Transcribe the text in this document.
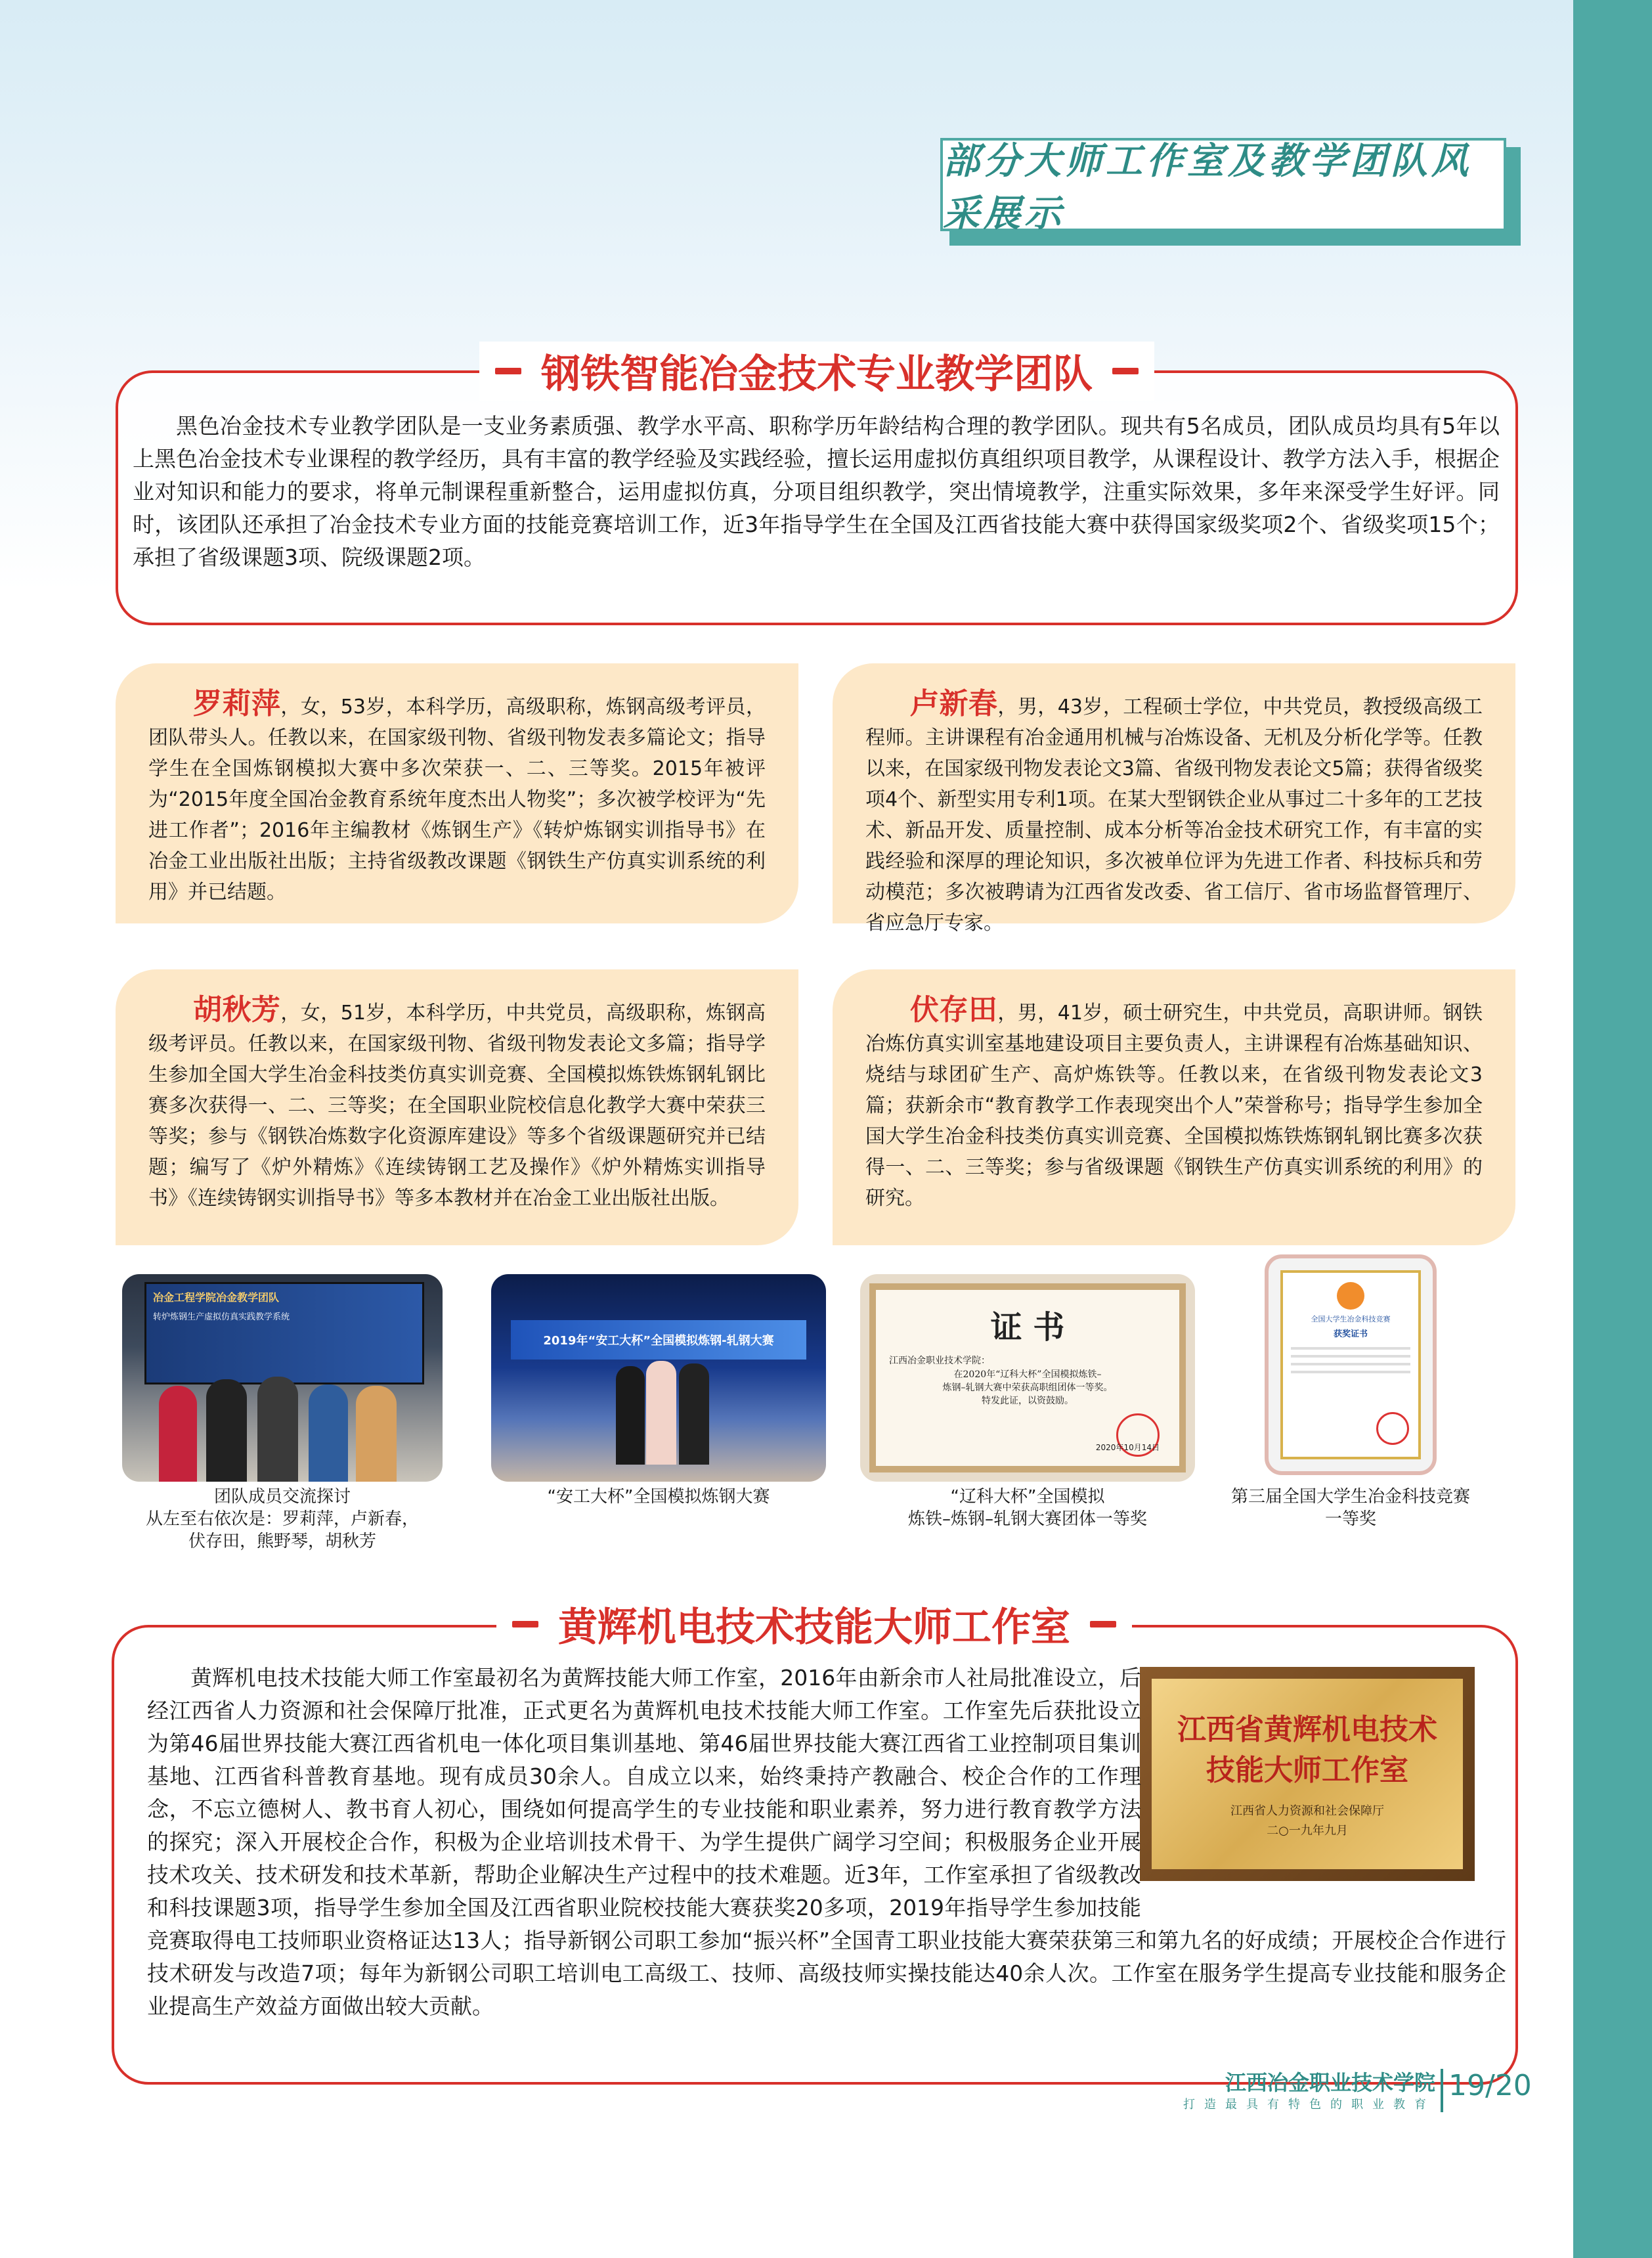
部分大师工作室及教学团队风采展示
钢铁智能冶金技术专业教学团队
黑色冶金技术专业教学团队是一支业务素质强、教学水平高、职称学历年龄结构合理的教学团队。现共有5名成员，团队成员均具有5年以上黑色冶金技术专业课程的教学经历，具有丰富的教学经验及实践经验，擅长运用虚拟仿真组织项目教学，从课程设计、教学方法入手，根据企业对知识和能力的要求，将单元制课程重新整合，运用虚拟仿真，分项目组织教学，突出情境教学，注重实际效果，多年来深受学生好评。同时，该团队还承担了冶金技术专业方面的技能竞赛培训工作，近3年指导学生在全国及江西省技能大赛中获得国家级奖项2个、省级奖项15个；承担了省级课题3项、院级课题2项。
罗莉萍，女，53岁，本科学历，高级职称，炼钢高级考评员，团队带头人。任教以来，在国家级刊物、省级刊物发表多篇论文；指导学生在全国炼钢模拟大赛中多次荣获一、二、三等奖。2015年被评为“2015年度全国冶金教育系统年度杰出人物奖”；多次被学校评为“先进工作者”；2016年主编教材《炼钢生产》《转炉炼钢实训指导书》在冶金工业出版社出版；主持省级教改课题《钢铁生产仿真实训系统的利用》并已结题。
卢新春，男，43岁，工程硕士学位，中共党员，教授级高级工程师。主讲课程有冶金通用机械与冶炼设备、无机及分析化学等。任教以来，在国家级刊物发表论文3篇、省级刊物发表论文5篇；获得省级奖项4个、新型实用专利1项。在某大型钢铁企业从事过二十多年的工艺技术、新品开发、质量控制、成本分析等冶金技术研究工作，有丰富的实践经验和深厚的理论知识，多次被单位评为先进工作者、科技标兵和劳动模范；多次被聘请为江西省发改委、省工信厅、省市场监督管理厅、省应急厅专家。
胡秋芳，女，51岁，本科学历，中共党员，高级职称，炼钢高级考评员。任教以来，在国家级刊物、省级刊物发表论文多篇；指导学生参加全国大学生冶金科技类仿真实训竞赛、全国模拟炼铁炼钢轧钢比赛多次获得一、二、三等奖；在全国职业院校信息化教学大赛中荣获三等奖；参与《钢铁冶炼数字化资源库建设》等多个省级课题研究并已结题；编写了《炉外精炼》《连续铸钢工艺及操作》《炉外精炼实训指导书》《连续铸钢实训指导书》等多本教材并在冶金工业出版社出版。
伏存田，男，41岁，硕士研究生，中共党员，高职讲师。钢铁冶炼仿真实训室基地建设项目主要负责人，主讲课程有冶炼基础知识、烧结与球团矿生产、高炉炼铁等。任教以来，在省级刊物发表论文3篇；获新余市“教育教学工作表现突出个人”荣誉称号；指导学生参加全国大学生冶金科技类仿真实训竞赛、全国模拟炼铁炼钢轧钢比赛多次获得一、二、三等奖；参与省级课题《钢铁生产仿真实训系统的利用》的研究。
冶金工程学院冶金教学团队
转炉炼钢生产虚拟仿真实践教学系统
团队成员交流探讨
从左至右依次是：罗莉萍，卢新春，
伏存田，熊野琴，胡秋芳
2019年“安工大杯”全国模拟炼钢-轧钢大赛
“安工大杯”全国模拟炼钢大赛
证 书
江西冶金职业技术学院：
在2020年“辽科大杯”全国模拟炼铁–
炼钢–轧钢大赛中荣获高职组团体一等奖。
特发此证，以资鼓励。
2020年10月14日
“辽科大杯”全国模拟
炼铁–炼钢–轧钢大赛团体一等奖
全国大学生冶金科技竞赛
获奖证书
第三届全国大学生冶金科技竞赛
一等奖
黄辉机电技术技能大师工作室
江西省黄辉机电技术
技能大师工作室
江西省人力资源和社会保障厅
二○一九年九月
黄辉机电技术技能大师工作室最初名为黄辉技能大师工作室，2016年由新余市人社局批准设立，后经江西省人力资源和社会保障厅批准，正式更名为黄辉机电技术技能大师工作室。工作室先后获批设立为第46届世界技能大赛江西省机电一体化项目集训基地、第46届世界技能大赛江西省工业控制项目集训基地、江西省科普教育基地。现有成员30余人。自成立以来，始终秉持产教融合、校企合作的工作理念，不忘立德树人、教书育人初心，围绕如何提高学生的专业技能和职业素养，努力进行教育教学方法的探究；深入开展校企合作，积极为企业培训技术骨干、为学生提供广阔学习空间；积极服务企业开展技术攻关、技术研发和技术革新，帮助企业解决生产过程中的技术难题。近3年，工作室承担了省级教改和科技课题3项，指导学生参加全国及江西省职业院校技能大赛获奖20多项，2019年指导学生参加技能竞赛取得电工技师职业资格证达13人；指导新钢公司职工参加“振兴杯”全国青工职业技能大赛荣获第三和第九名的好成绩；开展校企合作进行技术研发与改造7项；每年为新钢公司职工培训电工高级工、技师、高级技师实操技能达40余人次。工作室在服务学生提高专业技能和服务企业提高生产效益方面做出较大贡献。
江西冶金职业技术学院
打造最具有特色的职业教育
19/20
